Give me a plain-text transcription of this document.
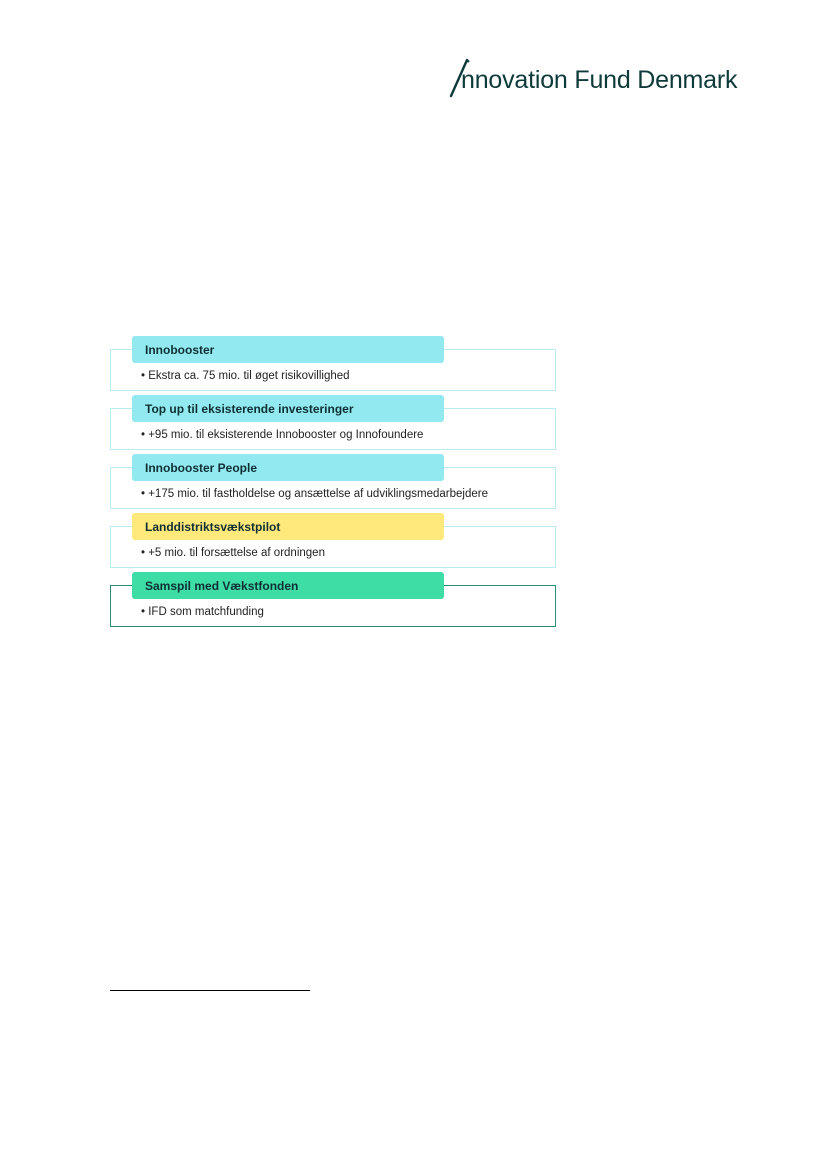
nnovation Fund Denmark
• Ekstra ca. 75 mio. til øget risikovillighed
Innobooster
• +95 mio. til eksisterende Innobooster og Innofoundere
Top up til eksisterende investeringer
• +175 mio. til fastholdelse og ansættelse af udviklingsmedarbejdere
Innobooster People
• +5 mio. til forsættelse af ordningen
Landdistriktsvækstpilot
• IFD som matchfunding
Samspil med Vækstfonden
